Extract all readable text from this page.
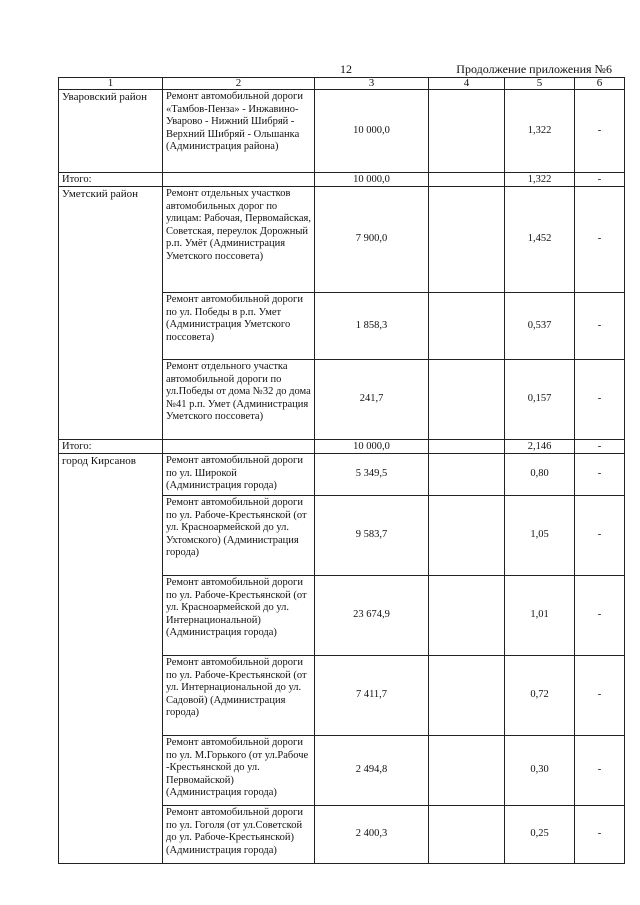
12	Продолжение приложения №6
1	2	3	4	5	6
Уваровский район	Ремонт автомобильной дороги «Тамбов-Пенза» - Инжавино-Уварово - Нижний Шибряй - Верхний Шибряй - Ольшанка (Администрация района)	10 000,0		1,322	-
Итого:		10 000,0		1,322	-
Уметский район	Ремонт отдельных участков автомобильных дорог по улицам: Рабочая, Первомайская, Советская, переулок Дорожный р.п. Умёт (Администрация Уметского поссовета)	7 900,0		1,452	-
	Ремонт автомобильной дороги по ул. Победы в р.п. Умет (Администрация Уметского поссовета)	1 858,3		0,537	-
	Ремонт отдельного участка автомобильной дороги по ул.Победы от дома №32 до дома №41 р.п. Умет (Администрация Уметского поссовета)	241,7		0,157	-
Итого:		10 000,0		2,146	-
город Кирсанов	Ремонт автомобильной дороги по ул. Широкой (Администрация города)	5 349,5		0,80	-
	Ремонт автомобильной дороги по ул. Рабоче-Крестьянской (от ул. Красноармейской до ул. Ухтомского) (Администрация города)	9 583,7		1,05	-
	Ремонт автомобильной дороги по ул. Рабоче-Крестьянской (от ул. Красноармейской до ул. Интернациональной) (Администрация города)	23 674,9		1,01	-
	Ремонт автомобильной дороги по ул. Рабоче-Крестьянской (от ул. Интернациональной до ул. Садовой) (Администрация города)	7 411,7		0,72	-
	Ремонт автомобильной дороги по ул. М.Горького (от ул.Рабоче -Крестьянской до ул. Первомайской) (Администрация города)	2 494,8		0,30	-
	Ремонт автомобильной дороги по ул. Гоголя (от ул.Советской до ул. Рабоче-Крестьянской) (Администрация города)	2 400,3		0,25	-
